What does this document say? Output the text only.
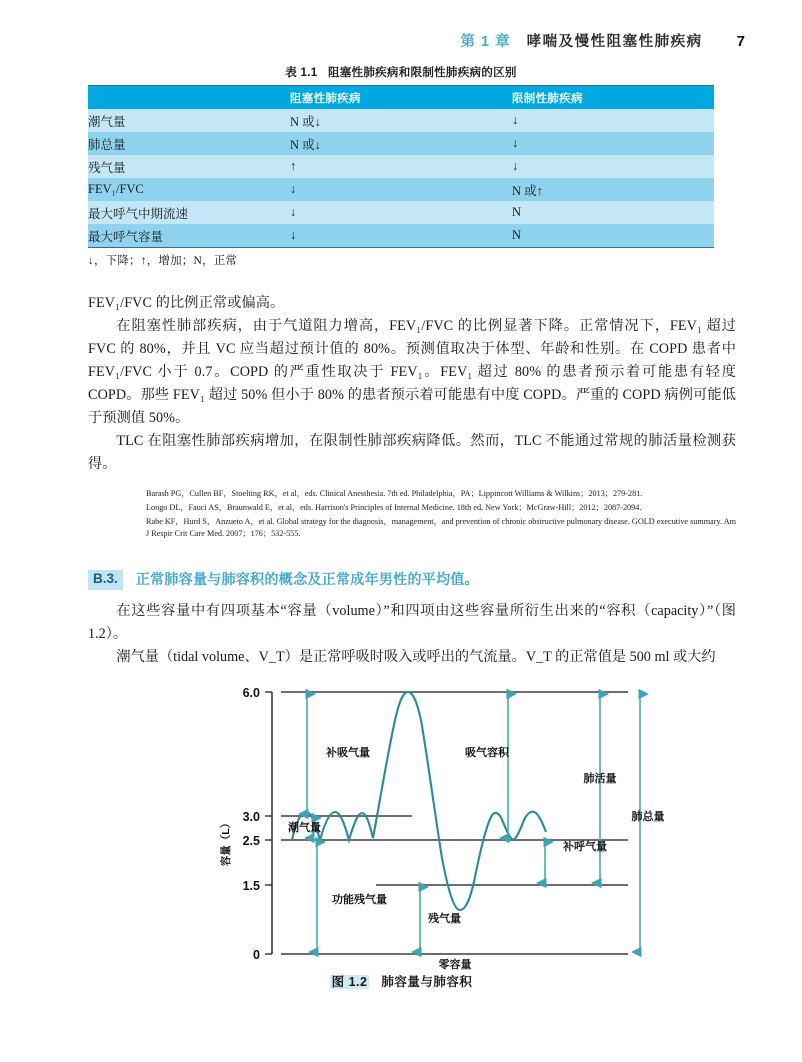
第 1 章 哮喘及慢性阻塞性肺疾病 7
表 1.1 阻塞性肺疾病和限制性肺疾病的区别
	阻塞性肺疾病	限制性肺疾病
潮气量	N 或↓	↓
肺总量	N 或↓	↓
残气量	↑	↓
FEV₁/FVC	↓	N 或↑
最大呼气中期流速	↓	N
最大呼气容量	↓	N
↓，下降；↑，增加；N，正常

FEV₁/FVC 的比例正常或偏高。

在阻塞性肺部疾病，由于气道阻力增高，FEV₁/FVC 的比例显著下降。正常情况下，FEV₁ 超过 FVC 的 80%，并且 VC 应当超过预计值的 80%。预测值取决于体型、年龄和性别。在 COPD 患者中 FEV₁/FVC 小于 0.7。COPD 的严重性取决于 FEV₁。FEV₁ 超过 80% 的患者预示着可能患有轻度 COPD。那些 FEV₁ 超过 50% 但小于 80% 的患者预示着可能患有中度 COPD。严重的 COPD 病例可能低于预测值 50%。

TLC 在阻塞性肺部疾病增加，在限制性肺部疾病降低。然而，TLC 不能通过常规的肺活量检测获得。

Barash PG，Cullen BF，Stoelting RK，et al，eds. Clinical Anesthesia. 7th ed. Philadelphia，PA；Lippincott Williams & Wilkins；2013；279-281.

Longo DL，Fauci AS，Braunwald E，et al，eds. Harrison's Principles of Internal Medicine. 18th ed. New York；McGraw-Hill；2012；2087-2094.

Rabe KF，Hurd S，Anzueto A，et al. Global strategy for the diagnosis，management，and prevention of chronic obstructive pulmonary disease. GOLD executive summary. Am J Respir Crit Care Med. 2007；176；532-555.

B.3.	正常肺容量与肺容积的概念及正常成年男性的平均值。

在这些容量中有四项基本“容量（volume）”和四项由这些容量所衍生出来的“容积（capacity）”（图 1.2）。

潮气量（tidal volume、V_T）是正常呼吸时吸入或呼出的气流量。V_T 的正常值是 500 ml 或大约

6.0
3.0
2.5
1.5
0
容量（L）
补吸气量
潮气量
吸气容积
补呼气量
肺活量
肺总量
功能残气量
残气量
零容量
图 1.2 肺容量与肺容积
